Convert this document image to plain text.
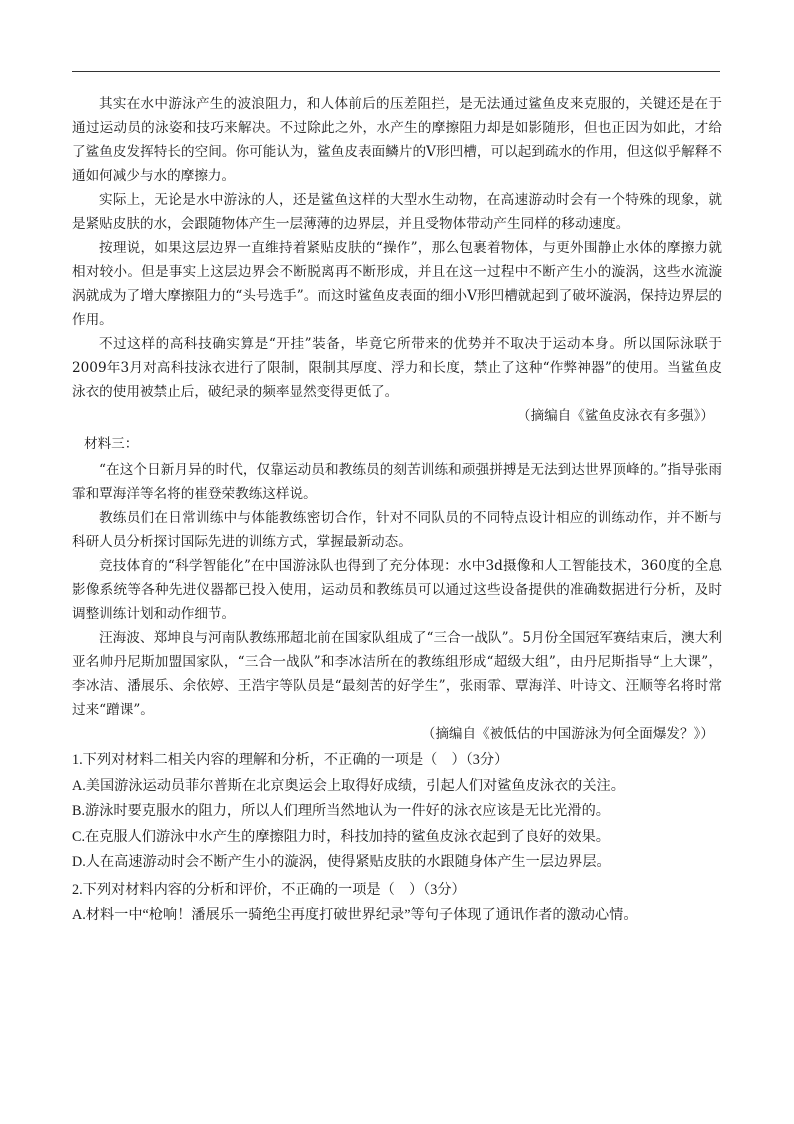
其实在水中游泳产生的波浪阻力，和人体前后的压差阻拦，是无法通过鲨鱼皮来克服的，关键还是在于通过运动员的泳姿和技巧来解决。不过除此之外，水产生的摩擦阻力却是如影随形，但也正因为如此，才给了鲨鱼皮发挥特长的空间。你可能认为，鲨鱼皮表面鳞片的V形凹槽，可以起到疏水的作用，但这似乎解释不通如何减少与水的摩擦力。

实际上，无论是水中游泳的人，还是鲨鱼这样的大型水生动物，在高速游动时会有一个特殊的现象，就是紧贴皮肤的水，会跟随物体产生一层薄薄的边界层，并且受物体带动产生同样的移动速度。

按理说，如果这层边界一直维持着紧贴皮肤的“操作”，那么包裹着物体，与更外围静止水体的摩擦力就相对较小。但是事实上这层边界会不断脱离再不断形成，并且在这一过程中不断产生小的漩涡，这些水流漩涡就成为了增大摩擦阻力的“头号选手”。而这时鲨鱼皮表面的细小V形凹槽就起到了破坏漩涡，保持边界层的作用。

不过这样的高科技确实算是“开挂”装备，毕竟它所带来的优势并不取决于运动本身。所以国际泳联于2009年3月对高科技泳衣进行了限制，限制其厚度、浮力和长度，禁止了这种“作弊神器”的使用。当鲨鱼皮泳衣的使用被禁止后，破纪录的频率显然变得更低了。

（摘编自《鲨鱼皮泳衣有多强》）

材料三：

“在这个日新月异的时代，仅靠运动员和教练员的刻苦训练和顽强拼搏是无法到达世界顶峰的。”指导张雨霏和覃海洋等名将的崔登荣教练这样说。

教练员们在日常训练中与体能教练密切合作，针对不同队员的不同特点设计相应的训练动作，并不断与科研人员分析探讨国际先进的训练方式，掌握最新动态。

竞技体育的“科学智能化”在中国游泳队也得到了充分体现：水中3d摄像和人工智能技术，360度的全息影像系统等各种先进仪器都已投入使用，运动员和教练员可以通过这些设备提供的准确数据进行分析，及时调整训练计划和动作细节。

汪海波、郑坤良与河南队教练邢超北前在国家队组成了“三合一战队”。5月份全国冠军赛结束后，澳大利亚名帅丹尼斯加盟国家队，“三合一战队”和李冰洁所在的教练组形成“超级大组”，由丹尼斯指导“上大课”，李冰洁、潘展乐、余依婷、王浩宇等队员是“最刻苦的好学生”，张雨霏、覃海洋、叶诗文、汪顺等名将时常过来“蹭课”。

（摘编自《被低估的中国游泳为何全面爆发？》）

1.下列对材料二相关内容的理解和分析，不正确的一项是（　）（3分）

A.美国游泳运动员菲尔普斯在北京奥运会上取得好成绩，引起人们对鲨鱼皮泳衣的关注。

B.游泳时要克服水的阻力，所以人们理所当然地认为一件好的泳衣应该是无比光滑的。

C.在克服人们游泳中水产生的摩擦阻力时，科技加持的鲨鱼皮泳衣起到了良好的效果。

D.人在高速游动时会不断产生小的漩涡，使得紧贴皮肤的水跟随身体产生一层边界层。

2.下列对材料内容的分析和评价，不正确的一项是（　）（3分）

A.材料一中“枪响！潘展乐一骑绝尘再度打破世界纪录”等句子体现了通讯作者的激动心情。
